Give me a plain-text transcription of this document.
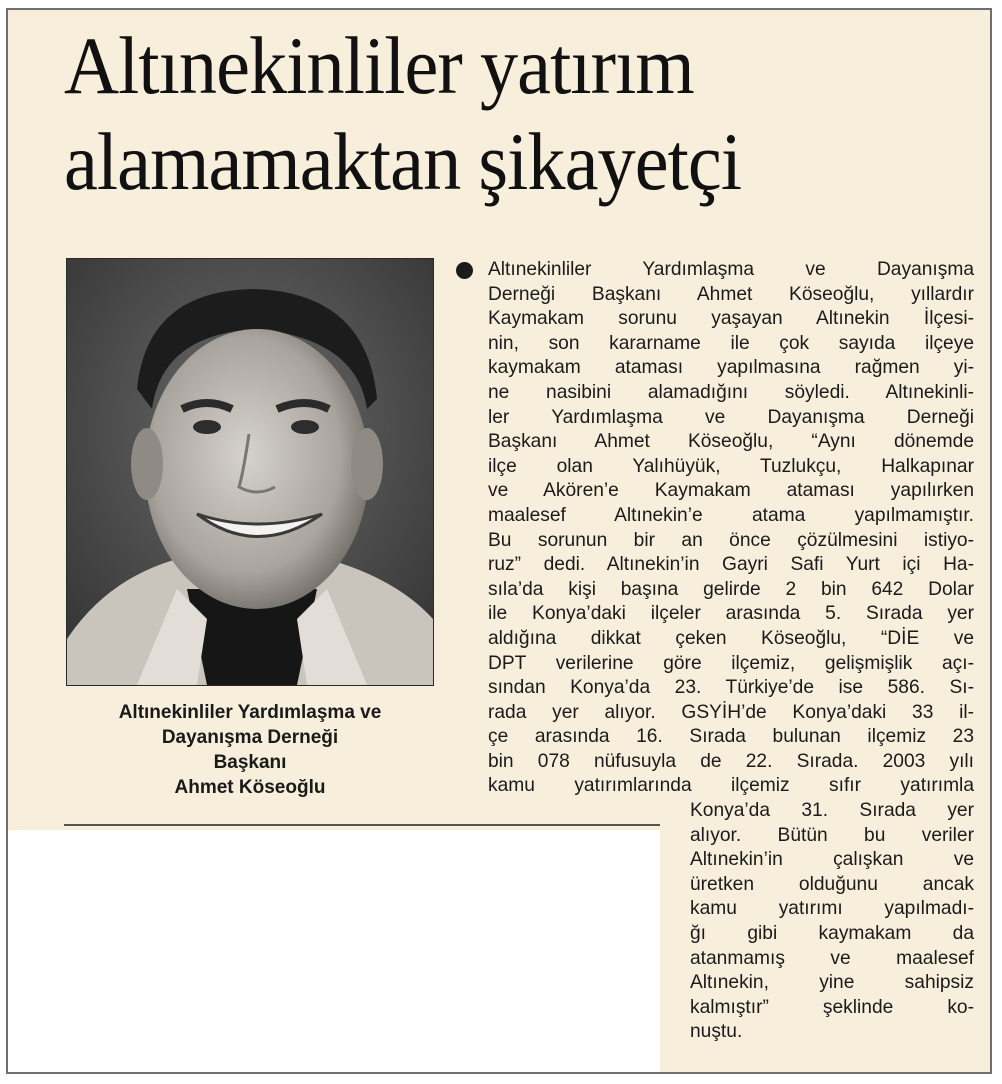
Altınekinliler yatırım
alamamaktan şikayetçi

Altınekinliler Yardımlaşma ve
Dayanışma Derneği
Başkanı
Ahmet Köseoğlu

Altınekinliler Yardımlaşma ve Dayanışma
Derneği Başkanı Ahmet Köseoğlu, yıllardır
Kaymakam sorunu yaşayan Altınekin İlçesi-
nin, son kararname ile çok sayıda ilçeye
kaymakam ataması yapılmasına rağmen yi-
ne nasibini alamadığını söyledi. Altınekinli-
ler Yardımlaşma ve Dayanışma Derneği
Başkanı Ahmet Köseoğlu, “Aynı dönemde
ilçe olan Yalıhüyük, Tuzlukçu, Halkapınar
ve Akören’e Kaymakam ataması yapılırken
maalesef Altınekin’e atama yapılmamıştır.
Bu sorunun bir an önce çözülmesini istiyo-
ruz” dedi. Altınekin’in Gayri Safi Yurt içi Ha-
sıla’da kişi başına gelirde 2 bin 642 Dolar
ile Konya’daki ilçeler arasında 5. Sırada yer
aldığına dikkat çeken Köseoğlu, “DİE ve
DPT verilerine göre ilçemiz, gelişmişlik açı-
sından Konya’da 23. Türkiye’de ise 586. Sı-
rada yer alıyor. GSYİH’de Konya’daki 33 il-
çe arasında 16. Sırada bulunan ilçemiz 23
bin 078 nüfusuyla de 22. Sırada. 2003 yılı
kamu yatırımlarında ilçemiz sıfır yatırımla
Konya’da 31. Sırada yer
alıyor. Bütün bu veriler
Altınekin’in çalışkan ve
üretken olduğunu ancak
kamu yatırımı yapılmadı-
ğı gibi kaymakam da
atanmamış ve maalesef
Altınekin, yine sahipsiz
kalmıştır” şeklinde ko-
nuştu.
